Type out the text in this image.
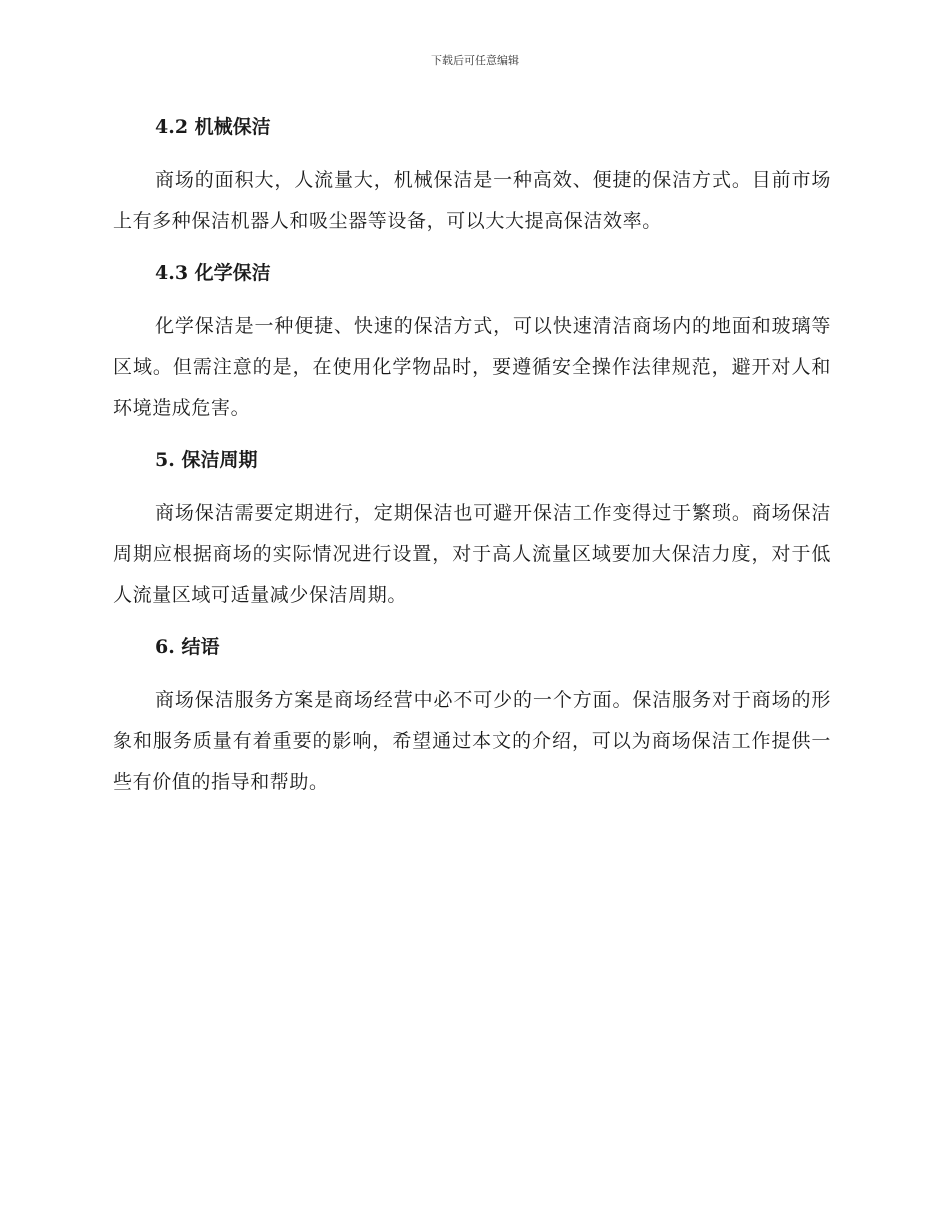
下载后可任意编辑
4.2 机械保洁

商场的面积大，人流量大，机械保洁是一种高效、便捷的保洁方式。目前市场上有多种保洁机器人和吸尘器等设备，可以大大提高保洁效率。

4.3 化学保洁

化学保洁是一种便捷、快速的保洁方式，可以快速清洁商场内的地面和玻璃等区域。但需注意的是，在使用化学物品时，要遵循安全操作法律规范，避开对人和环境造成危害。

5. 保洁周期

商场保洁需要定期进行，定期保洁也可避开保洁工作变得过于繁琐。商场保洁周期应根据商场的实际情况进行设置，对于高人流量区域要加大保洁力度，对于低人流量区域可适量减少保洁周期。

6. 结语

商场保洁服务方案是商场经营中必不可少的一个方面。保洁服务对于商场的形象和服务质量有着重要的影响，希望通过本文的介绍，可以为商场保洁工作提供一些有价值的指导和帮助。
